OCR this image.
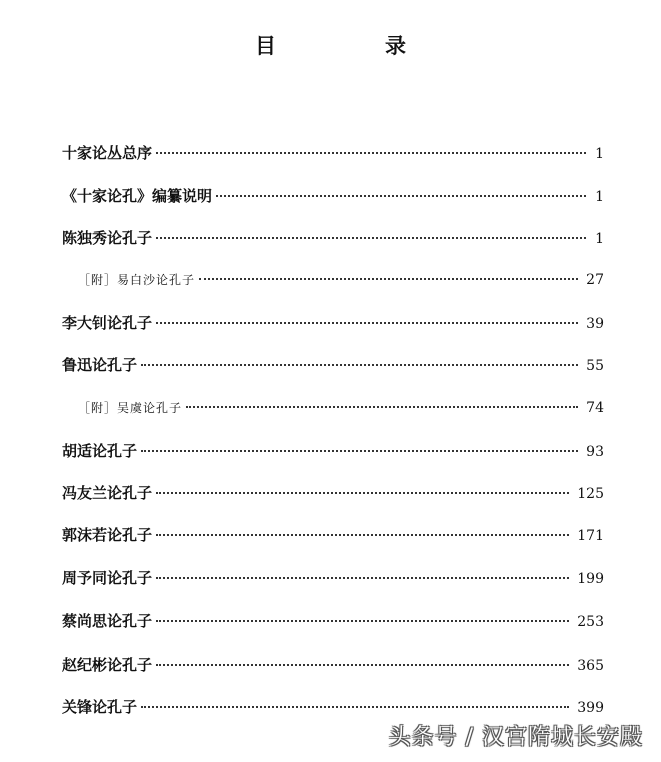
目　录
十家论丛总序	1
《十家论孔》编纂说明	1
陈独秀论孔子	1
［附］易白沙论孔子	27
李大钊论孔子	39
鲁迅论孔子	55
［附］吴虞论孔子	74
胡适论孔子	93
冯友兰论孔子	125
郭沫若论孔子	171
周予同论孔子	199
蔡尚思论孔子	253
赵纪彬论孔子	365
关锋论孔子	399
头条号 / 汉宫隋城长安殿
